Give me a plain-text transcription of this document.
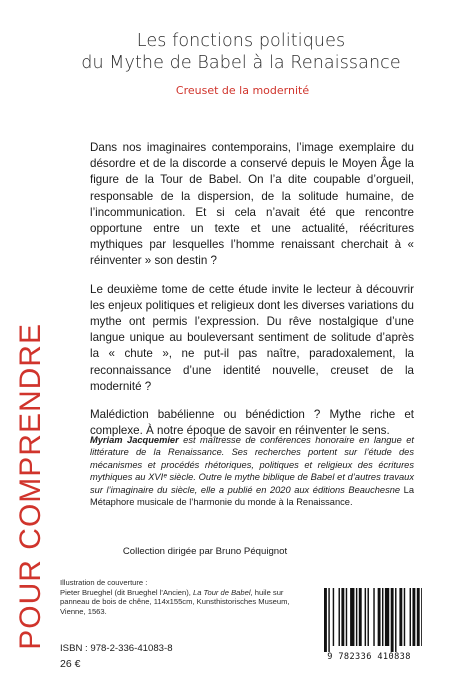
Les fonctions politiques
du Mythe de Babel à la Renaissance
Creuset de la modernité
POUR COMPRENDRE

Dans nos imaginaires contemporains, l’image exemplaire du désordre et de la discorde a conservé depuis le Moyen Âge la figure de la Tour de Babel. On l’a dite coupable d’orgueil, responsable de la dispersion, de la solitude humaine, de l’incommunication. Et si cela n’avait été que rencontre opportune entre un texte et une actualité, réécritures mythiques par lesquelles l’homme renaissant cherchait à « réinventer » son destin ?

Le deuxième tome de cette étude invite le lecteur à découvrir les enjeux politiques et religieux dont les diverses variations du mythe ont permis l’expression. Du rêve nostalgique d’une langue unique au bouleversant sentiment de solitude d’après la « chute », ne put-il pas naître, paradoxalement, la reconnaissance d’une identité nouvelle, creuset de la modernité ?

Malédiction babélienne ou bénédiction ? Mythe riche et complexe. À notre époque de savoir en réinventer le sens.

Myriam Jacquemier est maîtresse de conférences honoraire en langue et littérature de la Renaissance. Ses recherches portent sur l’étude des mécanismes et procédés rhétoriques, politiques et religieux des écritures mythiques au XVIᵉ siècle. Outre le mythe biblique de Babel et d’autres travaux sur l’imaginaire du siècle, elle a publié en 2020 aux éditions Beauchesne La Métaphore musicale de l’harmonie du monde à la Renaissance.
Collection dirigée par Bruno Péquignot
Illustration de couverture :
Pieter Brueghel (dit Brueghel l’Ancien), La Tour de Babel, huile sur panneau de bois de chêne, 114x155cm, Kunsthistorisches Museum, Vienne, 1563.
ISBN : 978-2-336-41083-8
26 €
9 782336 410838
